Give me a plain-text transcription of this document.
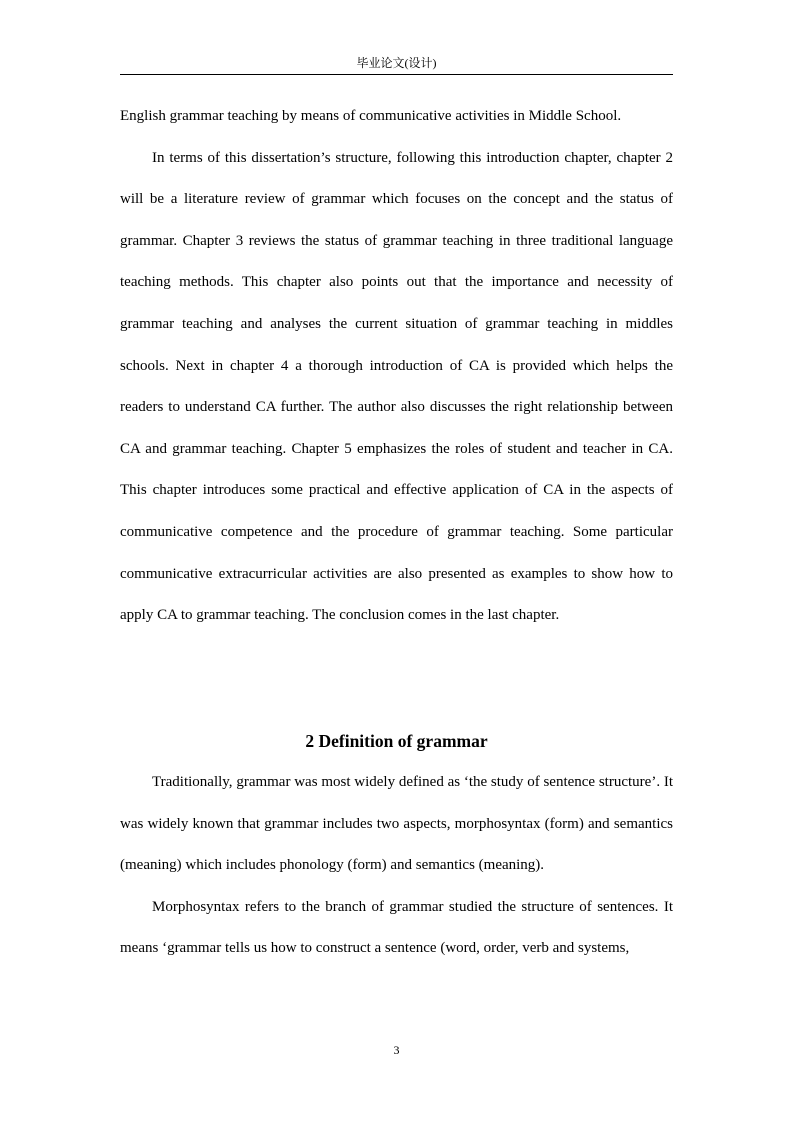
毕业论文(设计)

English grammar teaching by means of communicative activities in Middle School.

In terms of this dissertation’s structure, following this introduction chapter, chapter 2 will be a literature review of grammar which focuses on the concept and the status of grammar. Chapter 3 reviews the status of grammar teaching in three traditional language teaching methods. This chapter also points out that the importance and necessity of grammar teaching and analyses the current situation of grammar teaching in middles schools. Next in chapter 4 a thorough introduction of CA is provided which helps the readers to understand CA further. The author also discusses the right relationship between CA and grammar teaching. Chapter 5 emphasizes the roles of student and teacher in CA. This chapter introduces some practical and effective application of CA in the aspects of communicative competence and the procedure of grammar teaching. Some particular communicative extracurricular activities are also presented as examples to show how to apply CA to grammar teaching. The conclusion comes in the last chapter.

2 Definition of grammar

Traditionally, grammar was most widely defined as ‘the study of sentence structure’. It was widely known that grammar includes two aspects, morphosyntax (form) and semantics (meaning) which includes phonology (form) and semantics (meaning).

Morphosyntax refers to the branch of grammar studied the structure of sentences. It means ‘grammar tells us how to construct a sentence (word, order, verb and systems,

3
